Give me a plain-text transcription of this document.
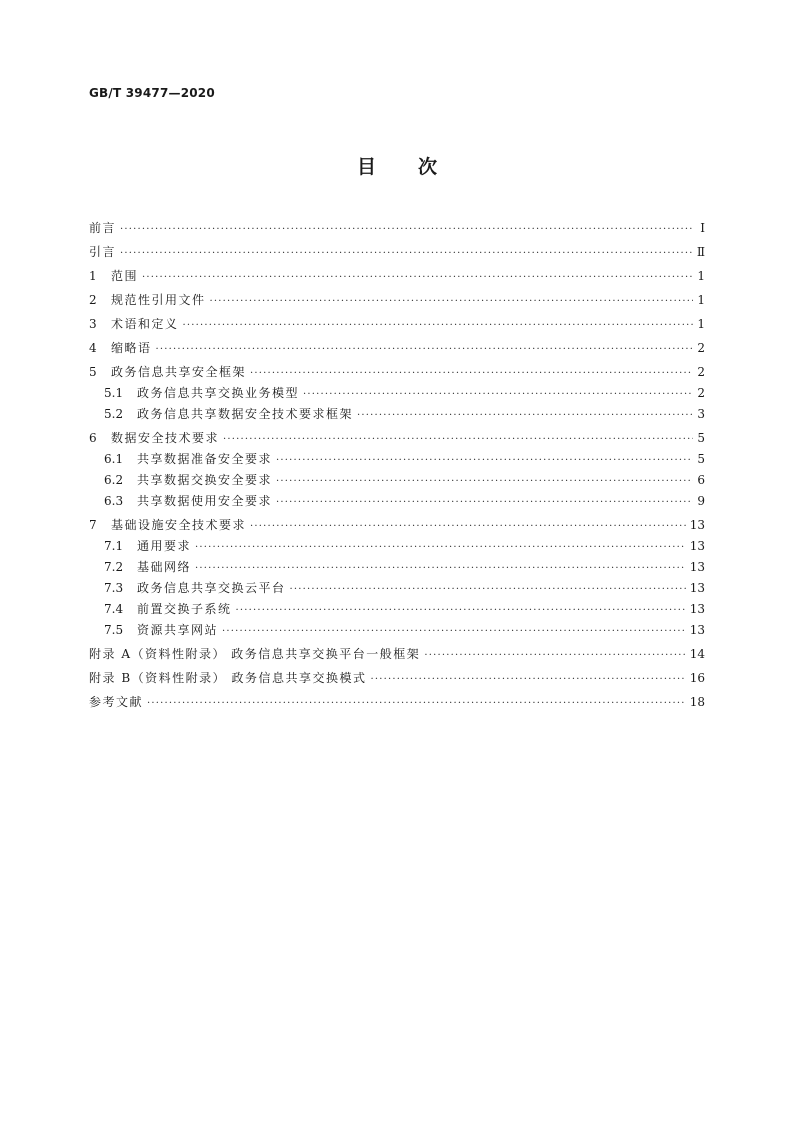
GB/T 39477—2020
目 次
前言 ·····	Ⅰ
引言 ·····	Ⅱ
1	范围 ·····	1
2	规范性引用文件 ·····	1
3	术语和定义 ·····	1
4	缩略语 ·····	2
5	政务信息共享安全框架 ·····	2
5.1	政务信息共享交换业务模型 ·····	2
5.2	政务信息共享数据安全技术要求框架 ·····	3
6	数据安全技术要求 ·····	5
6.1	共享数据准备安全要求 ·····	5
6.2	共享数据交换安全要求 ·····	6
6.3	共享数据使用安全要求 ·····	9
7	基础设施安全技术要求 ·····	13
7.1	通用要求 ·····	13
7.2	基础网络 ·····	13
7.3	政务信息共享交换云平台 ·····	13
7.4	前置交换子系统 ·····	13
7.5	资源共享网站 ·····	13
附录 A（资料性附录） 政务信息共享交换平台一般框架 ·····	14
附录 B（资料性附录） 政务信息共享交换模式 ·····	16
参考文献 ·····	18
